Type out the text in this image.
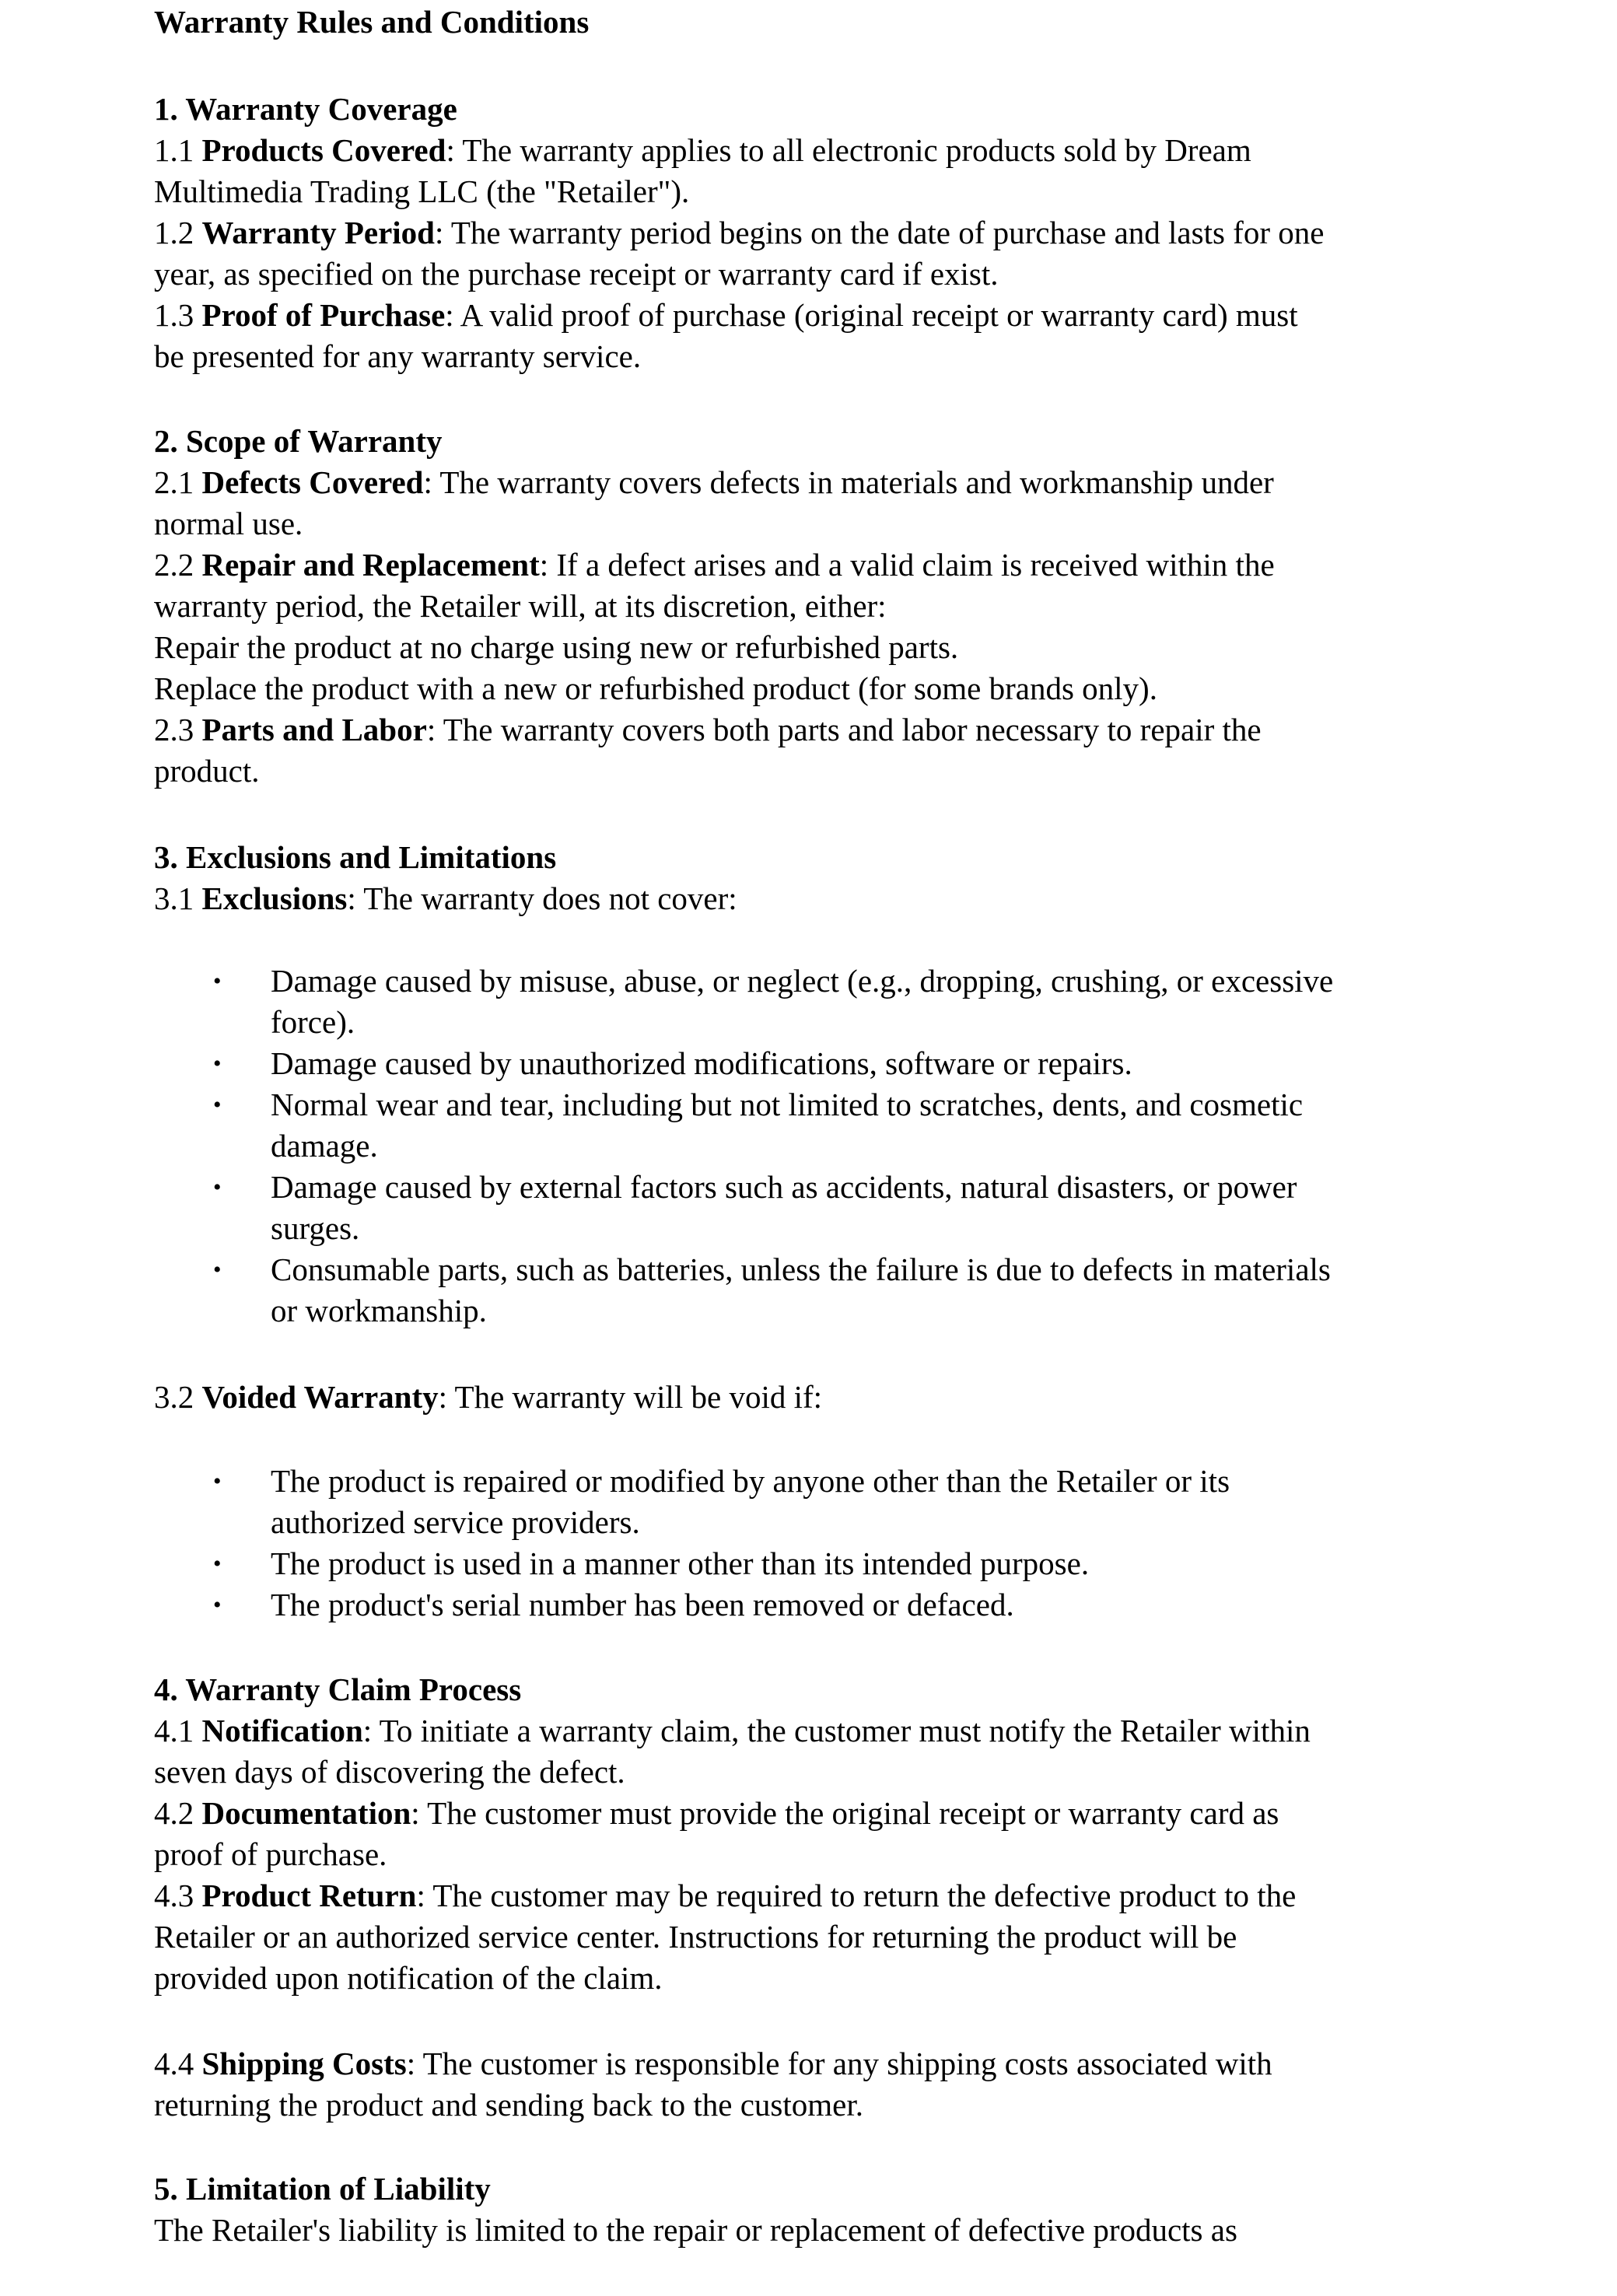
Warranty Rules and Conditions
1. Warranty Coverage
1.1 Products Covered: The warranty applies to all electronic products sold by Dream
Multimedia Trading LLC (the "Retailer").
1.2 Warranty Period: The warranty period begins on the date of purchase and lasts for one
year, as specified on the purchase receipt or warranty card if exist.
1.3 Proof of Purchase: A valid proof of purchase (original receipt or warranty card) must
be presented for any warranty service.
2. Scope of Warranty
2.1 Defects Covered: The warranty covers defects in materials and workmanship under
normal use.
2.2 Repair and Replacement: If a defect arises and a valid claim is received within the
warranty period, the Retailer will, at its discretion, either:
Repair the product at no charge using new or refurbished parts.
Replace the product with a new or refurbished product (for some brands only).
2.3 Parts and Labor: The warranty covers both parts and labor necessary to repair the
product.
3. Exclusions and Limitations
3.1 Exclusions: The warranty does not cover:
• Damage caused by misuse, abuse, or neglect (e.g., dropping, crushing, or excessive
force).
• Damage caused by unauthorized modifications, software or repairs.
• Normal wear and tear, including but not limited to scratches, dents, and cosmetic
damage.
• Damage caused by external factors such as accidents, natural disasters, or power
surges.
• Consumable parts, such as batteries, unless the failure is due to defects in materials
or workmanship.
3.2 Voided Warranty: The warranty will be void if:
• The product is repaired or modified by anyone other than the Retailer or its
authorized service providers.
• The product is used in a manner other than its intended purpose.
• The product's serial number has been removed or defaced.
4. Warranty Claim Process
4.1 Notification: To initiate a warranty claim, the customer must notify the Retailer within
seven days of discovering the defect.
4.2 Documentation: The customer must provide the original receipt or warranty card as
proof of purchase.
4.3 Product Return: The customer may be required to return the defective product to the
Retailer or an authorized service center. Instructions for returning the product will be
provided upon notification of the claim.
4.4 Shipping Costs: The customer is responsible for any shipping costs associated with
returning the product and sending back to the customer.
5. Limitation of Liability
The Retailer's liability is limited to the repair or replacement of defective products as
